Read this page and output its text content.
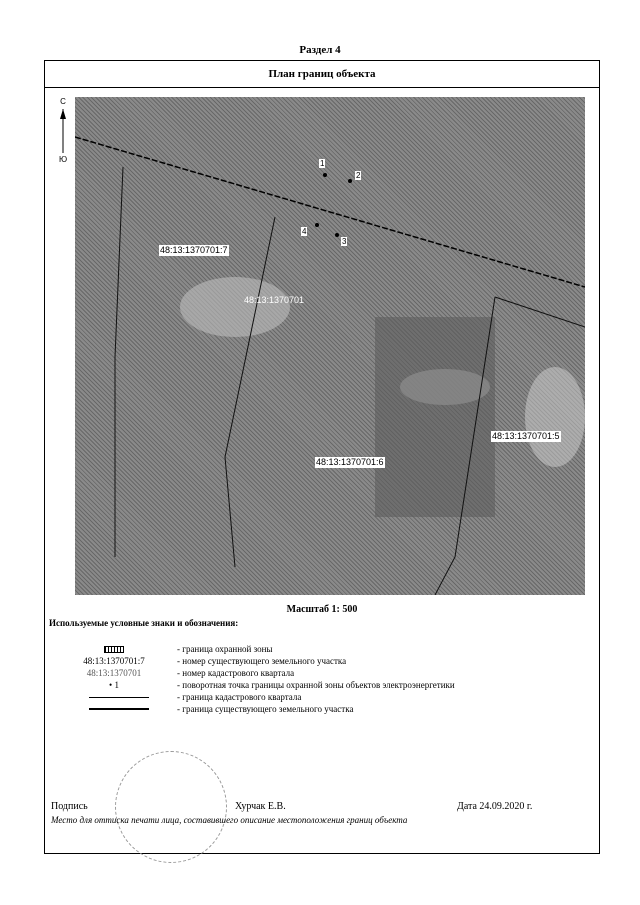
Раздел 4
План границ объекта
С
Ю	1
2
3
4
48:13:1370701:7
48:13:1370701
48:13:1370701:5
48:13:1370701:6
Масштаб 1: 500
Используемые условные знаки и обозначения:
- граница охранной зоны
48:13:1370701:7	- номер существующего земельного участка
48:13:1370701	- номер кадастрового квартала
• 1	- поворотная точка границы охранной зоны объектов электроэнергетики
- граница кадастрового квартала
- граница существующего земельного участка
Подпись	Хурчак Е.В.	Дата 24.09.2020 г.
Место для оттиска печати лица, составившего описание местоположения границ объекта
